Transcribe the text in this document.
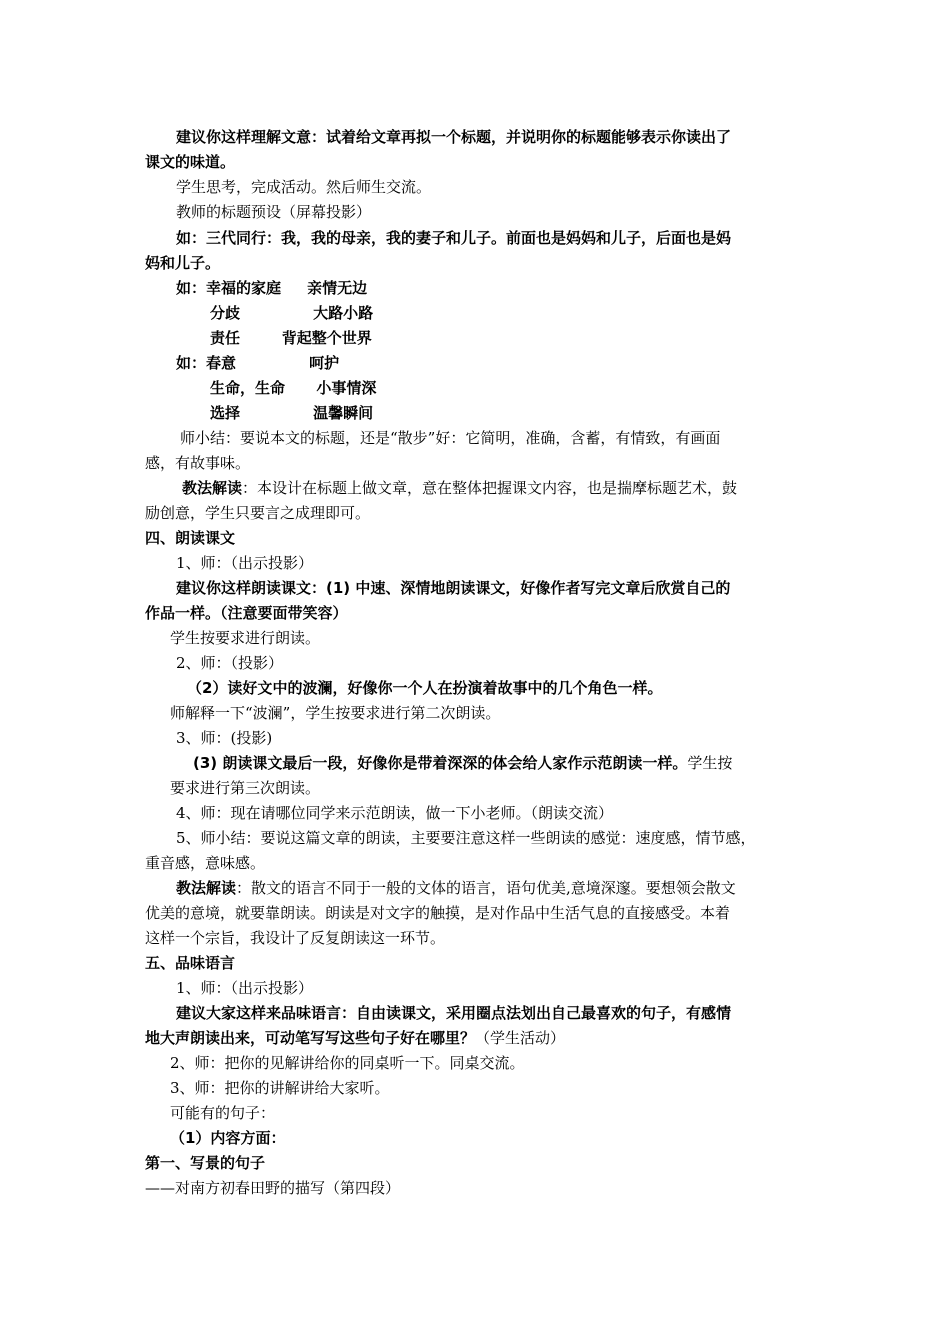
建议你这样理解文意：试着给文章再拟一个标题，并说明你的标题能够表示你读出了
课文的味道。
学生思考，完成活动。然后师生交流。
教师的标题预设（屏幕投影）
如：三代同行：我，我的母亲，我的妻子和儿子。前面也是妈妈和儿子，后面也是妈
妈和儿子。
如：幸福的家庭     亲情无边
分歧              大路小路
责任        背起整个世界
如：春意              呵护
生命，生命      小事情深
选择              温馨瞬间
师小结：要说本文的标题，还是“散步”好：它简明，准确，含蓄，有情致，有画面
感，有故事味。
教法解读：本设计在标题上做文章，意在整体把握课文内容，也是揣摩标题艺术，鼓
励创意，学生只要言之成理即可。
四、朗读课文
1、师：（出示投影）
建议你这样朗读课文：(1) 中速、深情地朗读课文，好像作者写完文章后欣赏自己的
作品一样。（注意要面带笑容）
学生按要求进行朗读。
2、师：（投影）
（2）读好文中的波澜，好像你一个人在扮演着故事中的几个角色一样。
师解释一下“波澜”，学生按要求进行第二次朗读。
3、师：(投影)
(3) 朗读课文最后一段，好像你是带着深深的体会给人家作示范朗读一样。学生按
要求进行第三次朗读。
4、师：现在请哪位同学来示范朗读，做一下小老师。（朗读交流）
5、师小结：要说这篇文章的朗读，主要要注意这样一些朗读的感觉：速度感，情节感，
重音感，意味感。
教法解读：散文的语言不同于一般的文体的语言，语句优美,意境深邃。要想领会散文
优美的意境，就要靠朗读。朗读是对文字的触摸，是对作品中生活气息的直接感受。本着
这样一个宗旨，我设计了反复朗读这一环节。
五、品味语言
1、师：（出示投影）
建议大家这样来品味语言：自由读课文，采用圈点法划出自己最喜欢的句子，有感情
地大声朗读出来，可动笔写写这些句子好在哪里？（学生活动）
2、师：把你的见解讲给你的同桌听一下。同桌交流。
3、师：把你的讲解讲给大家听。
可能有的句子：
（1）内容方面：
第一、写景的句子
——对南方初春田野的描写（第四段）
